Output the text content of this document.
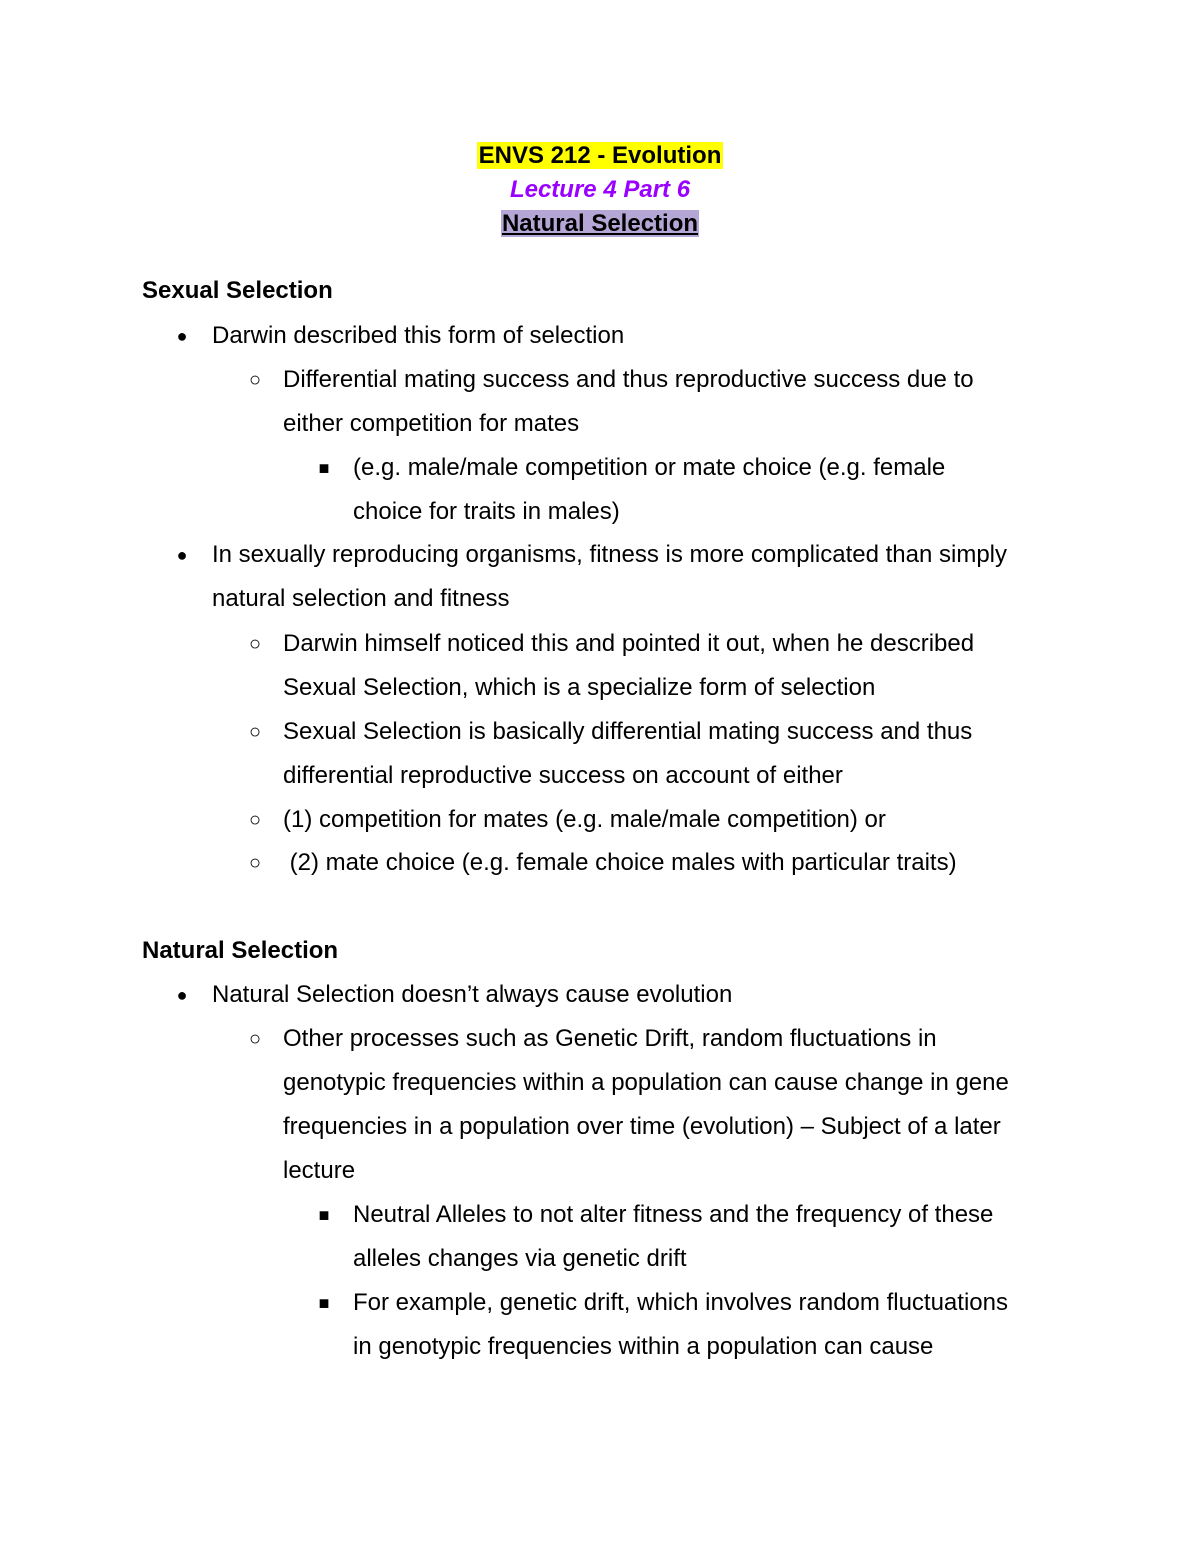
ENVS 212 - Evolution
Lecture 4 Part 6
Natural Selection
Sexual Selection
● Darwin described this form of selection
○ Differential mating success and thus reproductive success due to
either competition for mates
■ (e.g. male/male competition or mate choice (e.g. female
choice for traits in males)
● In sexually reproducing organisms, fitness is more complicated than simply
natural selection and fitness
○ Darwin himself noticed this and pointed it out, when he described
Sexual Selection, which is a specialize form of selection
○ Sexual Selection is basically differential mating success and thus
differential reproductive success on account of either
○ (1) competition for mates (e.g. male/male competition) or
○ (2) mate choice (e.g. female choice males with particular traits)
Natural Selection
● Natural Selection doesn’t always cause evolution
○ Other processes such as Genetic Drift, random fluctuations in
genotypic frequencies within a population can cause change in gene
frequencies in a population over time (evolution) – Subject of a later
lecture
■ Neutral Alleles to not alter fitness and the frequency of these
alleles changes via genetic drift
■ For example, genetic drift, which involves random fluctuations
in genotypic frequencies within a population can cause
